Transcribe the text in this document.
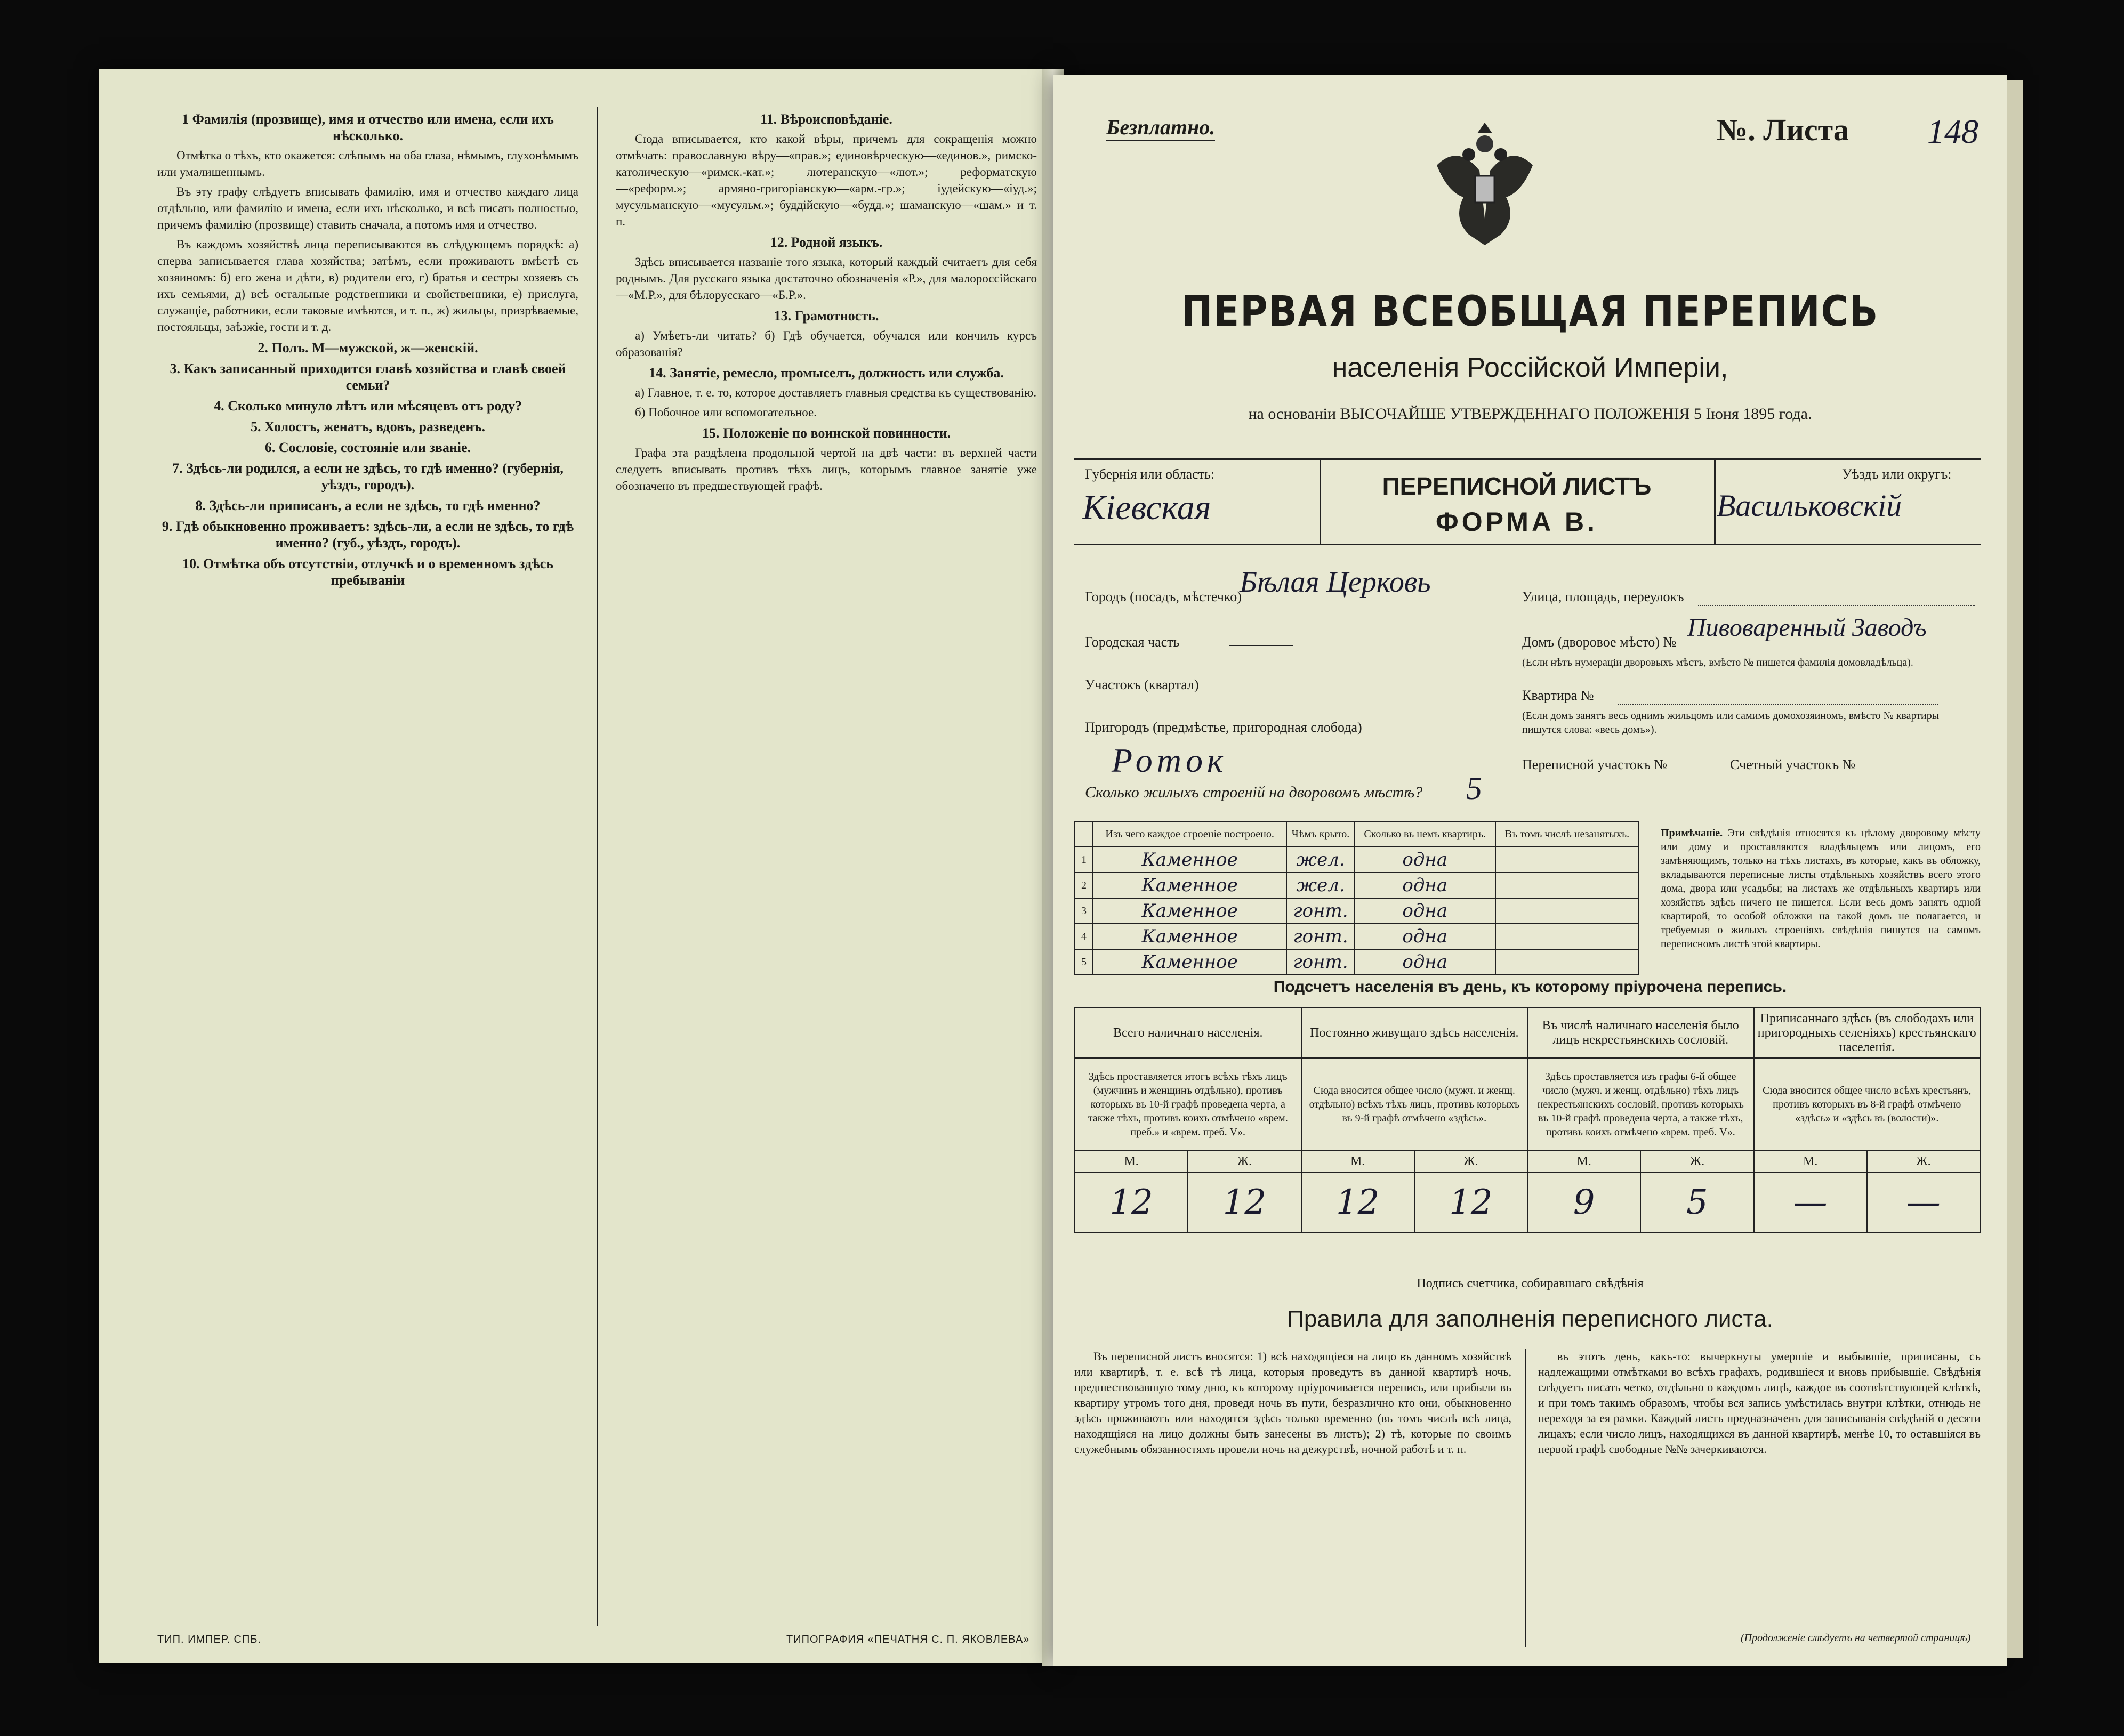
1 Фамилія (прозвище), имя и отчество или имена, если ихъ нѣсколько.

Отмѣтка о тѣхъ, кто окажется: слѣпымъ на оба глаза, нѣмымъ, глухонѣмымъ или умалишеннымъ.

Въ эту графу слѣдуетъ вписывать фамилію, имя и отчество каждаго лица отдѣльно, или фамилію и имена, если ихъ нѣсколько, и всѣ писать полностью, причемъ фамилію (прозвище) ставить сначала, а потомъ имя и отчество.

Въ каждомъ хозяйствѣ лица переписываются въ слѣдующемъ порядкѣ: а) сперва записывается глава хозяйства; затѣмъ, если проживаютъ вмѣстѣ съ хозяиномъ: б) его жена и дѣти, в) родители его, г) братья и сестры хозяевъ съ ихъ семьями, д) всѣ остальные родственники и свойственники, е) прислуга, служащіе, работники, если таковые имѣются, и т. п., ж) жильцы, призрѣваемые, постояльцы, заѣзжіе, гости и т. д.

2. Полъ. М—мужской, ж—женскій.

3. Какъ записанный приходится главѣ хозяйства и главѣ своей семьи?

4. Сколько минуло лѣтъ или мѣсяцевъ отъ роду?

5. Холостъ, женатъ, вдовъ, разведенъ.

6. Сословіе, состояніе или званіе.

7. Здѣсь-ли родился, а если не здѣсь, то гдѣ именно? (губернія, уѣздъ, городъ).

8. Здѣсь-ли приписанъ, а если не здѣсь, то гдѣ именно?

9. Гдѣ обыкновенно проживаетъ: здѣсь-ли, а если не здѣсь, то гдѣ именно? (губ., уѣздъ, городъ).

10. Отмѣтка объ отсутствіи, отлучкѣ и о временномъ здѣсь пребываніи

11. Вѣроисповѣданіе.

Сюда вписывается, кто какой вѣры, причемъ для сокращенія можно отмѣчать: православную вѣру—«прав.»; единовѣрческую—«единов.», римско-католическую—«римск.-кат.»; лютеранскую—«лют.»; реформатскую—«реформ.»; армяно-григоріанскую—«арм.-гр.»; іудейскую—«іуд.»; мусульманскую—«мусульм.»; буддійскую—«будд.»; шаманскую—«шам.» и т. п.

12. Родной языкъ.

Здѣсь вписывается названіе того языка, который каждый считаетъ для себя роднымъ. Для русскаго языка достаточно обозначенія «Р.», для малороссійскаго—«М.Р.», для бѣлорусскаго—«Б.Р.».

13. Грамотность.

а) Умѣетъ-ли читать? б) Гдѣ обучается, обучался или кончилъ курсъ образованія?

14. Занятіе, ремесло, промыселъ, должность или служба.

а) Главное, т. е. то, которое доставляетъ главныя средства къ существованію.

б) Побочное или вспомогательное.

15. Положеніе по воинской повинности.

Графа эта раздѣлена продольной чертой на двѣ части: въ верхней части следуетъ вписывать противъ тѣхъ лицъ, которымъ главное занятіе уже обозначено въ предшествующей графѣ.

ТИП. ИМПЕР. СПБ.	ТИПОГРАФИЯ «ПЕЧАТНЯ С. П. ЯКОВЛЕВА»
Безплатно.	№. Листа 148
ПЕРВАЯ ВСЕОБЩАЯ ПЕРЕПИСЬ
населенія Россійской Имперіи,
на основаніи ВЫСОЧАЙШЕ УТВЕРЖДЕННАГО ПОЛОЖЕНІЯ 5 Іюня 1895 года.
Губернія или область:
Кіевская
ПЕРЕПИСНОЙ ЛИСТЪ
ФОРМА В.
Уѣздъ или округъ:
Васильковскій
Городъ (посадъ, мѣстечко)
Бѣлая Церковь	Улица, площадь, переулокъ
Городская часть	Домъ (дворовое мѣсто) №
Пивоваренный Заводъ
(Если нѣтъ нумераціи дворовыхъ мѣстъ, вмѣсто № пишется фамилія домовладѣльца).
Участокъ (квартал)
Квартира №
(Если домъ занятъ весь однимъ жильцомъ или самимъ домохозяиномъ, вмѣсто № квартиры пишутся слова: «весь домъ»).
Пригородъ (предмѣстье, пригородная слобода)
Роток	Переписной участокъ №	Счетный участокъ №
Сколько жилыхъ строеній на дворовомъ мѣстѣ? 5
	Изъ чего каждое строеніе построено.	Чѣмъ крыто.	Сколько въ немъ квартиръ.	Въ томъ числѣ незанятыхъ.
1	Каменное	жел.	одна	
2	Каменное	жел.	одна	
3	Каменное	гонт.	одна	
4	Каменное	гонт.	одна	
5	Каменное	гонт.	одна	
Примѣчаніе. Эти свѣдѣнія относятся къ цѣлому дворовому мѣсту или дому и проставляются владѣльцемъ или лицомъ, его замѣняющимъ, только на тѣхъ листахъ, въ которые, какъ въ обложку, вкладываются переписные листы отдѣльныхъ хозяйствъ всего этого дома, двора или усадьбы; на листахъ же отдѣльныхъ квартиръ или хозяйствъ здѣсь ничего не пишется. Если весь домъ занятъ одной квартирой, то особой обложки на такой домъ не полагается, и требуемыя о жилыхъ строеніяхъ свѣдѣнія пишутся на самомъ переписномъ листѣ этой квартиры.
Подсчетъ населенія въ день, къ которому пріурочена перепись.
Всего наличнаго населенія.		Постоянно живущаго здѣсь населенія.		Въ числѣ наличнаго населенія было лицъ некрестьянскихъ сословій.		Приписаннаго здѣсь (въ слободахъ или пригородныхъ селеніяхъ) крестьянскаго населенія.	
Здѣсь проставляется итогъ всѣхъ тѣхъ лицъ (мужчинъ и женщинъ отдѣльно), противъ которыхъ въ 10-й графѣ проведена черта, а также тѣхъ, противъ коихъ отмѣчено «врем. преб.» и «врем. преб. V».		Сюда вносится общее число (мужч. и женщ. отдѣльно) всѣхъ тѣхъ лицъ, противъ которыхъ въ 9-й графѣ отмѣчено «здѣсь».		Здѣсь проставляется изъ графы 6-й общее число (мужч. и женщ. отдѣльно) тѣхъ лицъ некрестьянскихъ сословій, противъ которыхъ въ 10-й графѣ проведена черта, а также тѣхъ, противъ коихъ отмѣчено «врем. преб. V».		Сюда вносится общее число всѣхъ крестьянъ, противъ которыхъ въ 8-й графѣ отмѣчено «здѣсь» и «здѣсь въ (волости)».	
М.	Ж.	М.	Ж.	М.	Ж.	М.	Ж.
12	12	12	12	9	5	—	—
Подпись счетчика, собиравшаго свѣдѣнія
Правила для заполненія переписного листа.

Въ переписной листъ вносятся: 1) всѣ находящіеся на лицо въ данномъ хозяйствѣ или квартирѣ, т. е. всѣ тѣ лица, которыя проведутъ въ данной квартирѣ ночь, предшествовавшую тому дню, къ которому пріурочивается перепись, или прибыли въ квартиру утромъ того дня, проведя ночь въ пути, безразлично кто они, обыкновенно здѣсь проживаютъ или находятся здѣсь только временно (въ томъ числѣ всѣ лица, находящіяся на лицо должны быть занесены въ листъ); 2) тѣ, которые по своимъ служебнымъ обязанностямъ провели ночь на дежурствѣ, ночной работѣ и т. п.

въ этотъ день, какъ-то: вычеркнуты умершіе и выбывшіе, приписаны, съ надлежащими отмѣтками во всѣхъ графахъ, родившіеся и вновь прибывшіе. Свѣдѣнія слѣдуетъ писать четко, отдѣльно о каждомъ лицѣ, каждое въ соотвѣтствующей клѣткѣ, и при томъ такимъ образомъ, чтобы вся запись умѣстилась внутри клѣтки, отнюдь не переходя за ея рамки. Каждый листъ предназначенъ для записыванія свѣдѣній о десяти лицахъ; если число лицъ, находящихся въ данной квартирѣ, менѣе 10, то оставшіяся въ первой графѣ свободные №№ зачеркиваются.

(Продолженіе слѣдуетъ на четвертой страницѣ)
